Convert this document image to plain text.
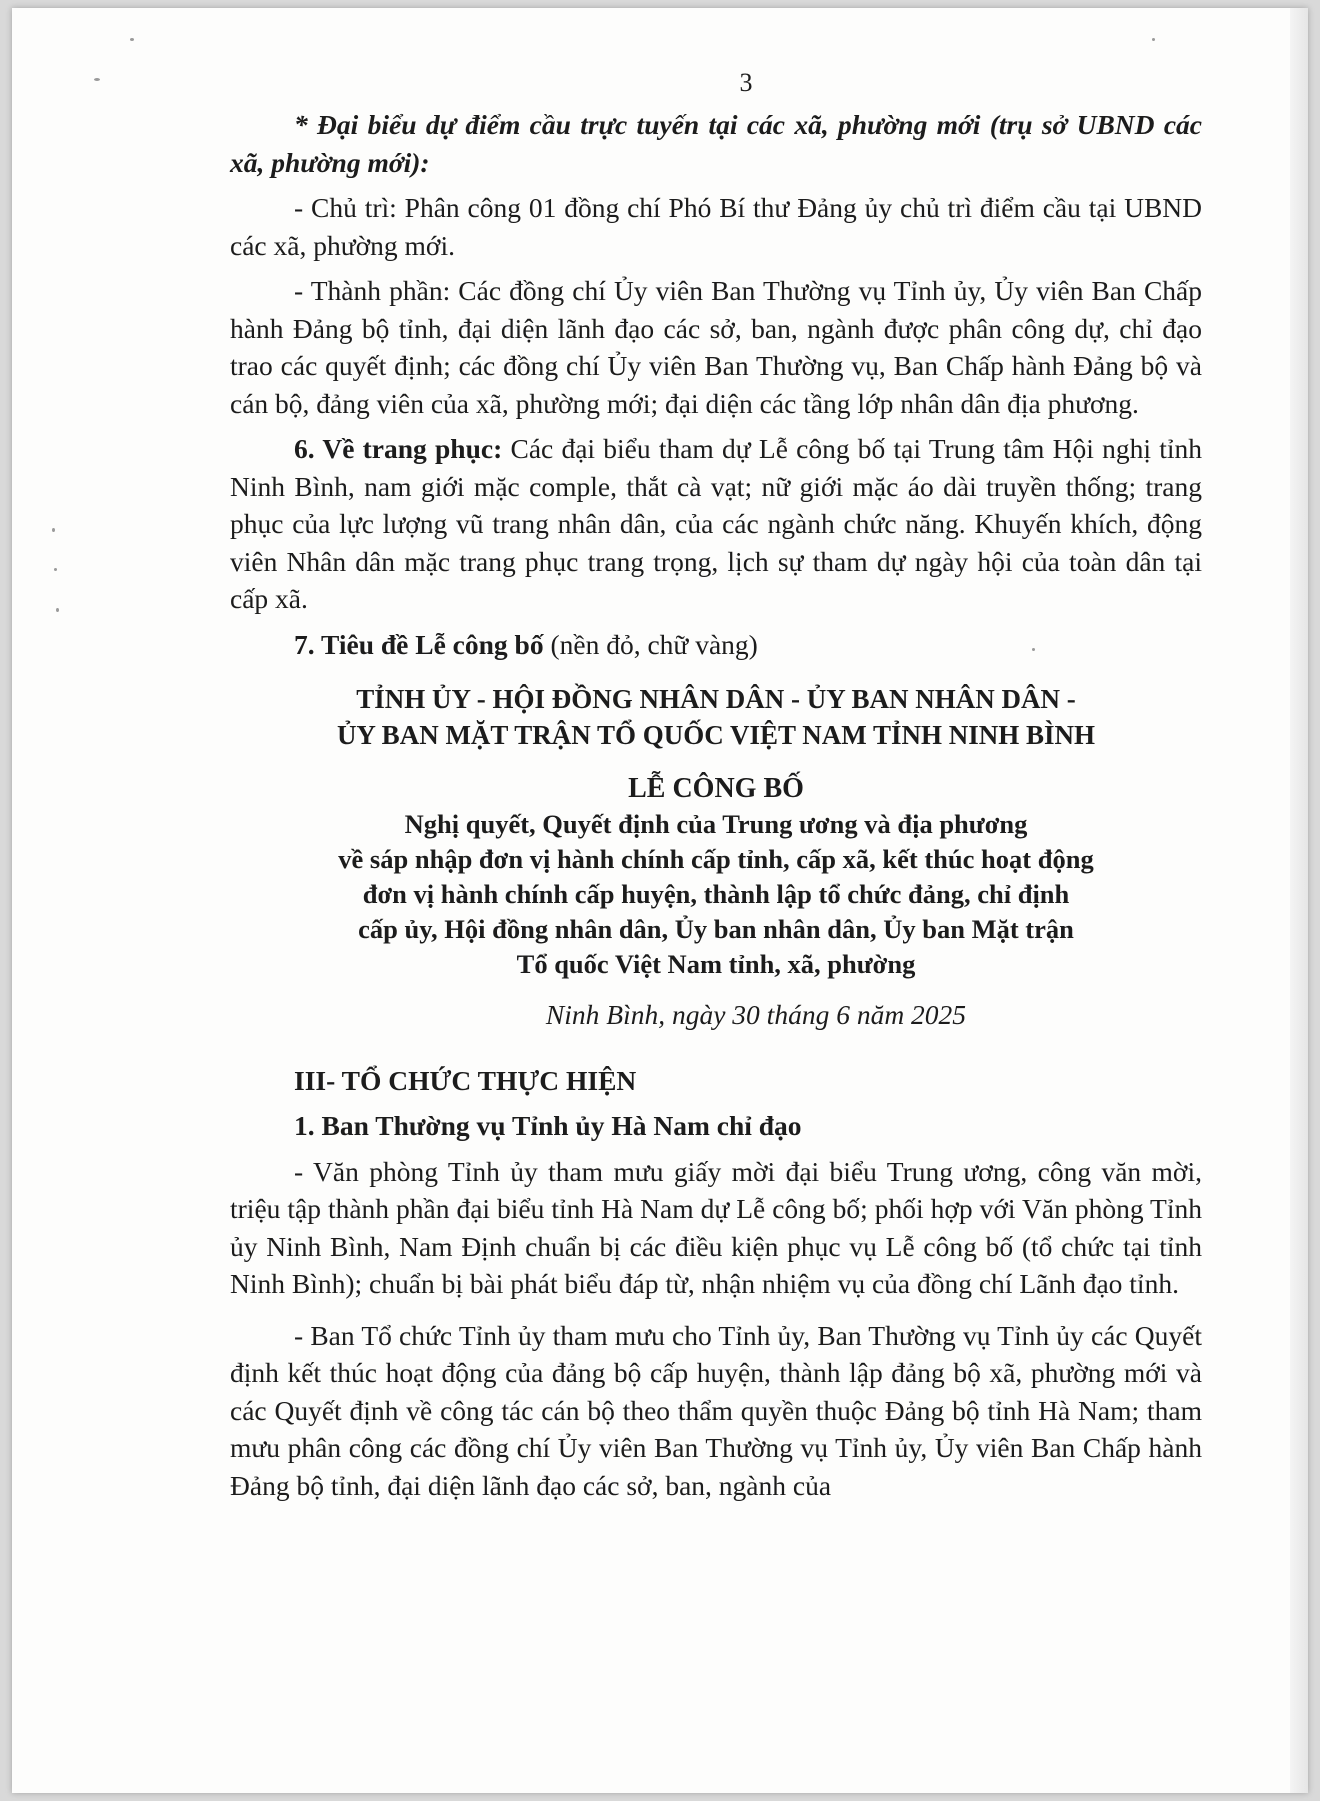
3

* Đại biểu dự điểm cầu trực tuyến tại các xã, phường mới (trụ sở UBND các xã, phường mới):

- Chủ trì: Phân công 01 đồng chí Phó Bí thư Đảng ủy chủ trì điểm cầu tại UBND các xã, phường mới.

- Thành phần: Các đồng chí Ủy viên Ban Thường vụ Tỉnh ủy, Ủy viên Ban Chấp hành Đảng bộ tỉnh, đại diện lãnh đạo các sở, ban, ngành được phân công dự, chỉ đạo trao các quyết định; các đồng chí Ủy viên Ban Thường vụ, Ban Chấp hành Đảng bộ và cán bộ, đảng viên của xã, phường mới; đại diện các tầng lớp nhân dân địa phương.

6. Về trang phục: Các đại biểu tham dự Lễ công bố tại Trung tâm Hội nghị tỉnh Ninh Bình, nam giới mặc comple, thắt cà vạt; nữ giới mặc áo dài truyền thống; trang phục của lực lượng vũ trang nhân dân, của các ngành chức năng. Khuyến khích, động viên Nhân dân mặc trang phục trang trọng, lịch sự tham dự ngày hội của toàn dân tại cấp xã.

7. Tiêu đề Lễ công bố (nền đỏ, chữ vàng)

TỈNH ỦY - HỘI ĐỒNG NHÂN DÂN - ỦY BAN NHÂN DÂN -
ỦY BAN MẶT TRẬN TỔ QUỐC VIỆT NAM TỈNH NINH BÌNH
LỄ CÔNG BỐ
Nghị quyết, Quyết định của Trung ương và địa phương
về sáp nhập đơn vị hành chính cấp tỉnh, cấp xã, kết thúc hoạt động
đơn vị hành chính cấp huyện, thành lập tổ chức đảng, chỉ định
cấp ủy, Hội đồng nhân dân, Ủy ban nhân dân, Ủy ban Mặt trận
Tổ quốc Việt Nam tỉnh, xã, phường
Ninh Bình, ngày 30 tháng 6 năm 2025
III- TỔ CHỨC THỰC HIỆN
1. Ban Thường vụ Tỉnh ủy Hà Nam chỉ đạo

- Văn phòng Tỉnh ủy tham mưu giấy mời đại biểu Trung ương, công văn mời, triệu tập thành phần đại biểu tỉnh Hà Nam dự Lễ công bố; phối hợp với Văn phòng Tỉnh ủy Ninh Bình, Nam Định chuẩn bị các điều kiện phục vụ Lễ công bố (tổ chức tại tỉnh Ninh Bình); chuẩn bị bài phát biểu đáp từ, nhận nhiệm vụ của đồng chí Lãnh đạo tỉnh.

- Ban Tổ chức Tỉnh ủy tham mưu cho Tỉnh ủy, Ban Thường vụ Tỉnh ủy các Quyết định kết thúc hoạt động của đảng bộ cấp huyện, thành lập đảng bộ xã, phường mới và các Quyết định về công tác cán bộ theo thẩm quyền thuộc Đảng bộ tỉnh Hà Nam; tham mưu phân công các đồng chí Ủy viên Ban Thường vụ Tỉnh ủy, Ủy viên Ban Chấp hành Đảng bộ tỉnh, đại diện lãnh đạo các sở, ban, ngành của
